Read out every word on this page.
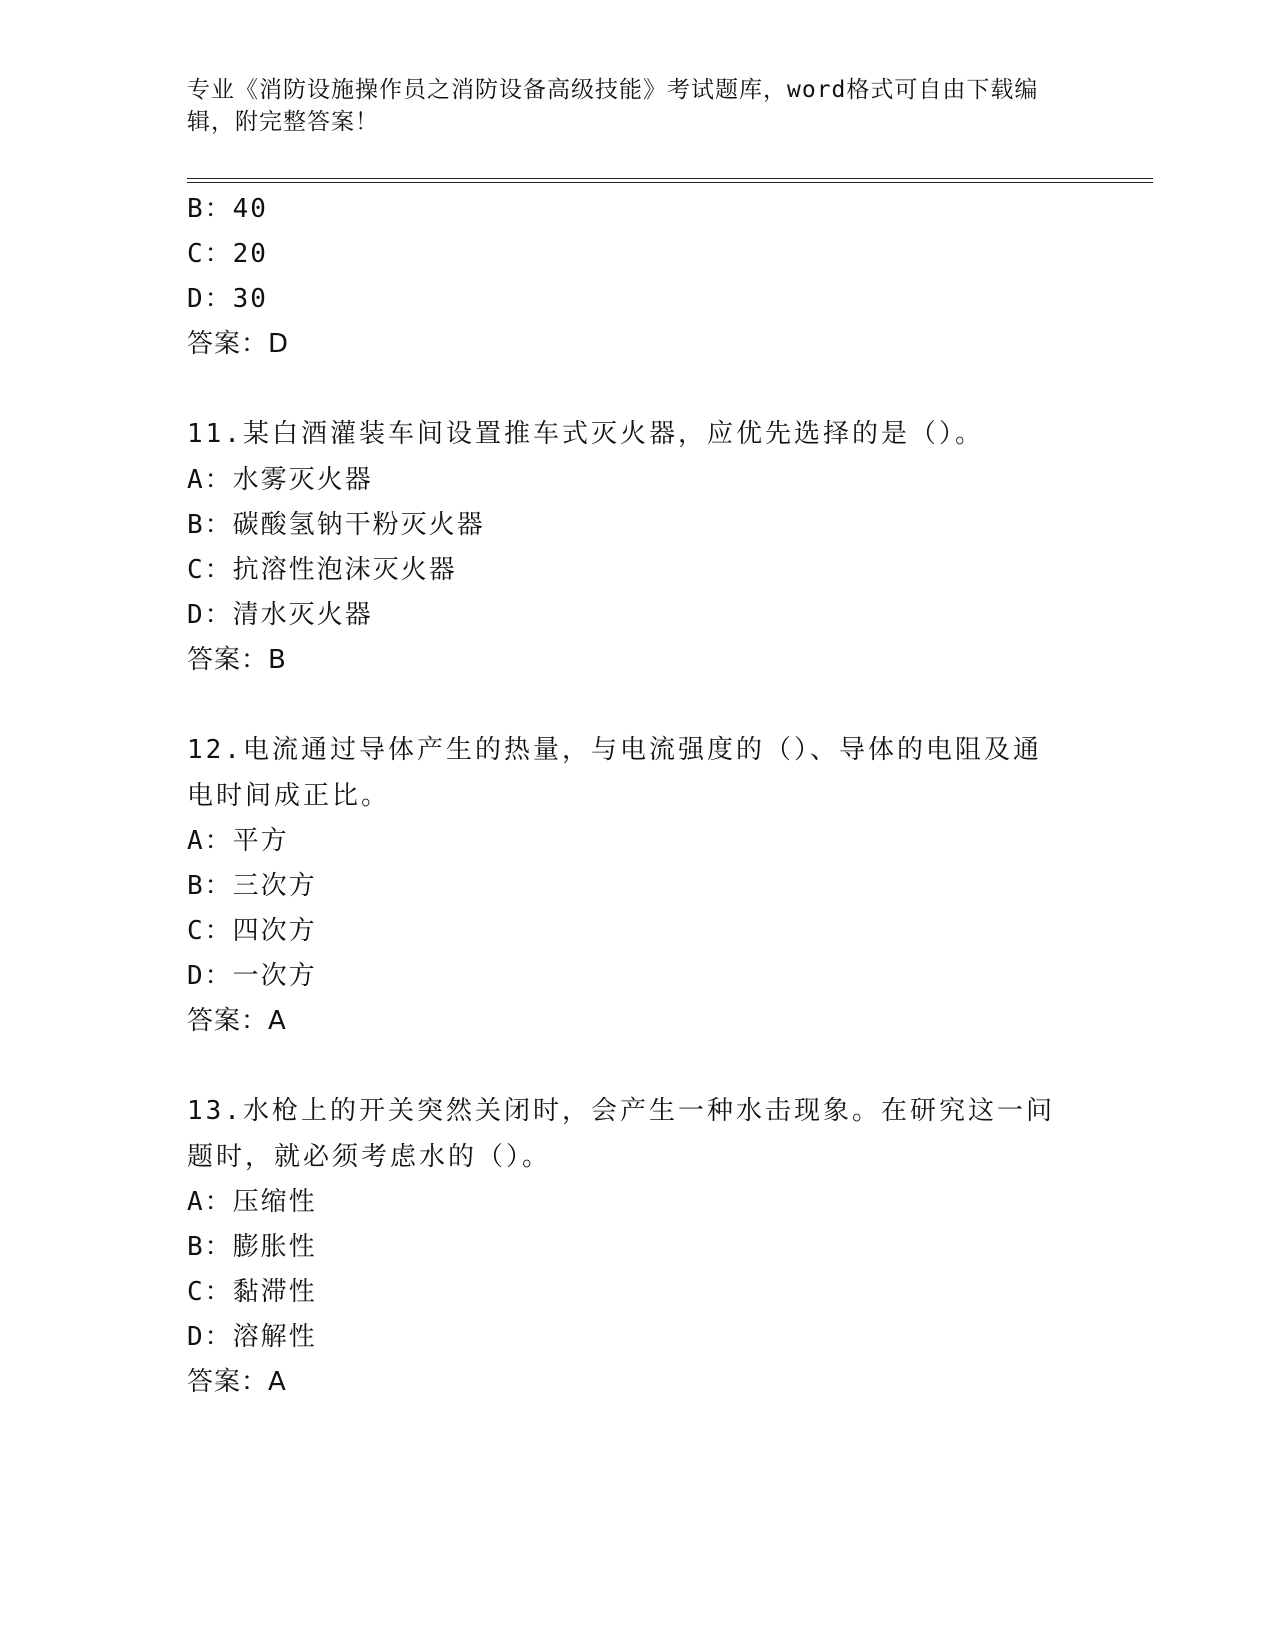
专业《消防设施操作员之消防设备高级技能》考试题库，word格式可自由下载编辑，附完整答案！
B：40
C：20
D：30
答案：D
11.某白酒灌装车间设置推车式灭火器，应优先选择的是（）。
A：水雾灭火器
B：碳酸氢钠干粉灭火器
C：抗溶性泡沫灭火器
D：清水灭火器
答案：B
12.电流通过导体产生的热量，与电流强度的（）、导体的电阻及通电时间成正比。
A：平方
B：三次方
C：四次方
D：一次方
答案：A
13.水枪上的开关突然关闭时，会产生一种水击现象。在研究这一问题时，就必须考虑水的（）。
A：压缩性
B：膨胀性
C：黏滞性
D：溶解性
答案：A
